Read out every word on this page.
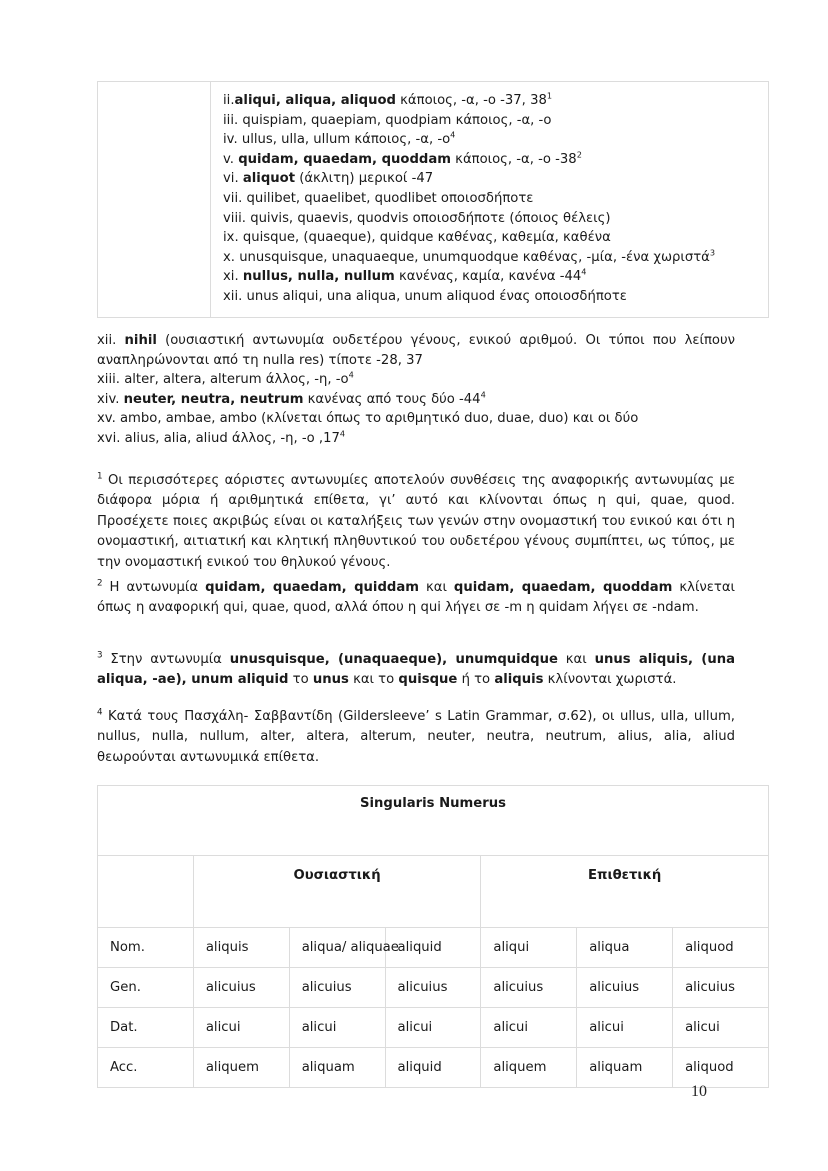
ii.aliqui, aliqua, aliquod κάποιος, -α, -ο -37, $38^1$
iii. quispiam, quaepiam, quodpiam κάποιος, -α, -ο
iv. ullus, ulla, ullum κάποιος, -α, $-o^4$
v. quidam, quaedam, quoddam κάποιος, -α, -ο $-38^2$
vi. aliquot (άκλιτη) μερικοί -47
vii. quilibet, quaelibet, quodlibet οποιοσδήποτε
viii. quivis, quaevis, quodvis οποιοσδήποτε (όποιος θέλεις)
ix. quisque, (quaeque), quidque καθένας, καθεμία, καθένα
x. unusquisque, unaquaeque, unumquodque καθένας, -μία, -ένα χωριστά$^3$
xi. nullus, nulla, nullum κανένας, καμία, κανένα $-44^4$
xii. unus aliqui, una aliqua, unum aliquod ένας οποιοσδήποτε
xii. nihil (ουσιαστική αντωνυμία ουδετέρου γένους, ενικού αριθμού. Οι τύποι που λείπουν αναπληρώνονται από τη nulla res) τίποτε -28, 37
xiii. alter, altera, alterum άλλος, -η, $-o^4$
xiv. neuter, neutra, neutrum κανένας από τους δύο $-44^4$
xv. ambo, ambae, ambo (κλίνεται όπως το αριθμητικό duo, duae, duo) και οι δύο
xvi. alius, alia, aliud άλλος, -η, -ο $,17^4$
$^1$ Οι περισσότερες αόριστες αντωνυμίες αποτελούν συνθέσεις της αναφορικής αντωνυμίας με διάφορα μόρια ή αριθμητικά επίθετα, γι’ αυτό και κλίνονται όπως η qui, quae, quod. Προσέχετε ποιες ακριβώς είναι οι καταλήξεις των γενών στην ονομαστική του ενικού και ότι η ονομαστική, αιτιατική και κλητική πληθυντικού του ουδετέρου γένους συμπίπτει, ως τύπος, με την ονομαστική ενικού του θηλυκού γένους.
$^2$ Η αντωνυμία quidam, quaedam, quiddam και quidam, quaedam, quoddam κλίνεται όπως η αναφορική qui, quae, quod, αλλά όπου η qui λήγει σε -m η quidam λήγει σε -ndam.
$^3$ Στην αντωνυμία unusquisque, (unaquaeque), unumquidque και unus aliquis, (una aliqua, -ae), unum aliquid το unus και το quisque ή το aliquis κλίνονται χωριστά.
$^4$ Κατά τους Πασχάλη- Σαββαντίδη (Gildersleeve’ s Latin Grammar, σ.62), οι ullus, ulla, ullum, nullus, nulla, nullum, alter, altera, alterum, neuter, neutra, neutrum, alius, alia, aliud θεωρούνται αντωνυμικά επίθετα.
Singularis Numerus						
	Ουσιαστική			Επιθετική		
Nom.	aliquis	aliqua/ aliquae	aliquid	aliqui	aliqua	aliquod
Gen.	alicuius	alicuius	alicuius	alicuius	alicuius	alicuius
Dat.	alicui	alicui	alicui	alicui	alicui	alicui
Acc.	aliquem	aliquam	aliquid	aliquem	aliquam	aliquod
10
